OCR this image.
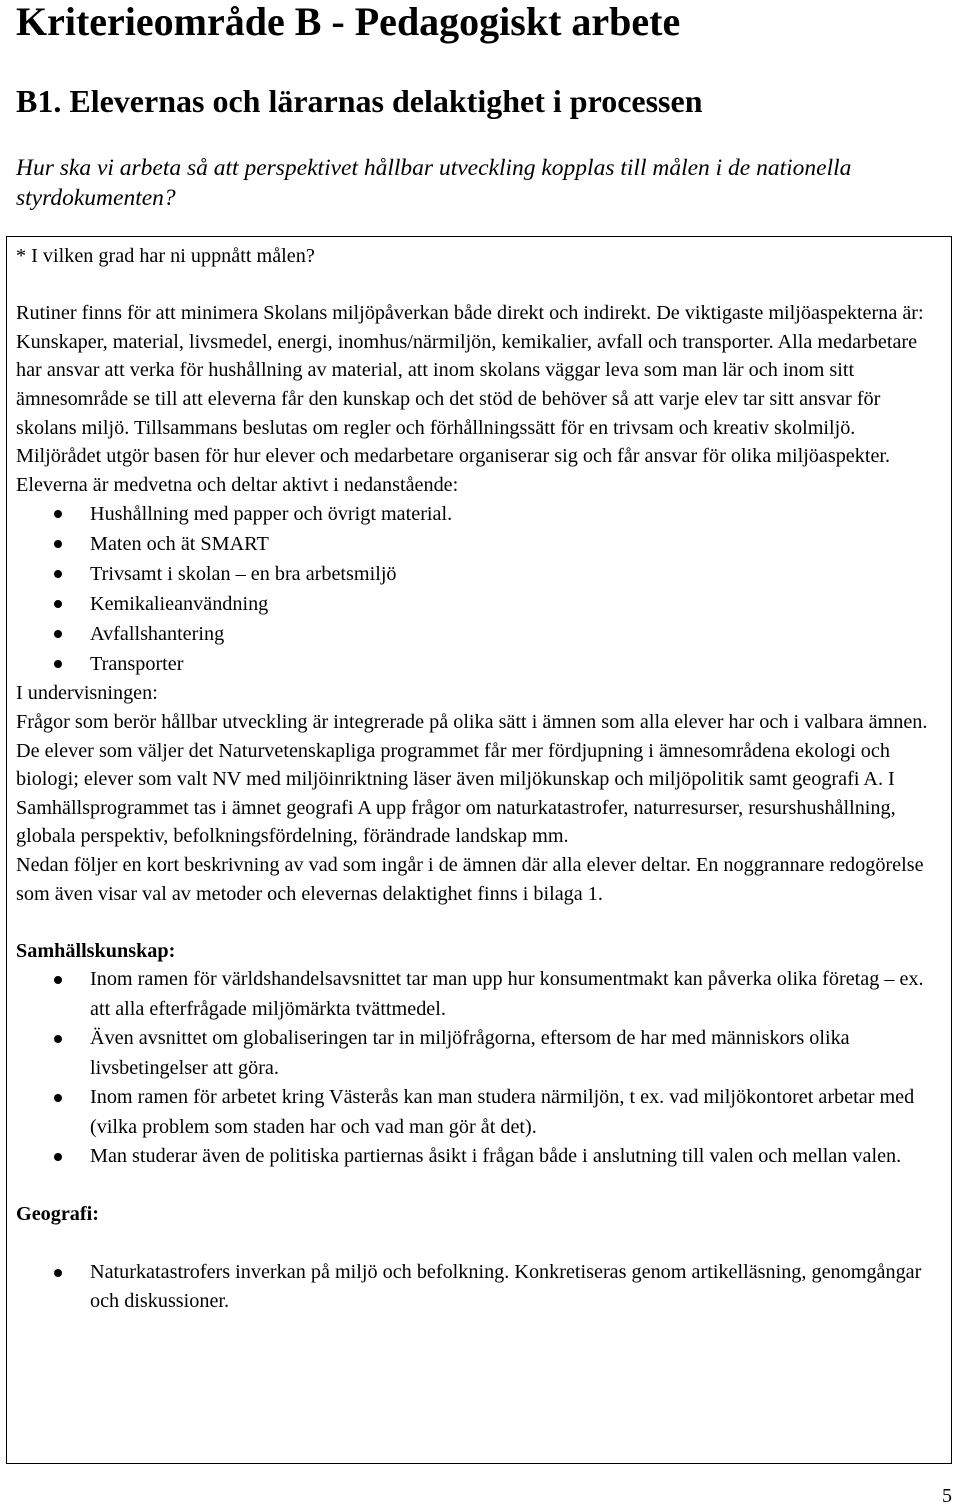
Kriterieområde B - Pedagogiskt arbete
B1. Elevernas och lärarnas delaktighet i processen

Hur ska vi arbeta så att perspektivet hållbar utveckling kopplas till målen i de nationella styrdokumenten?

* I vilken grad har ni uppnått målen?

Rutiner finns för att minimera Skolans miljöpåverkan både direkt och indirekt. De viktigaste miljöaspekterna är: Kunskaper, material, livsmedel, energi, inomhus/närmiljön, kemikalier, avfall och transporter. Alla medarbetare har ansvar att verka för hushållning av material, att inom skolans väggar leva som man lär och inom sitt ämnesområde se till att eleverna får den kunskap och det stöd de behöver så att varje elev tar sitt ansvar för skolans miljö. Tillsammans beslutas om regler och förhållningssätt för en trivsam och kreativ skolmiljö. Miljörådet utgör basen för hur elever och medarbetare organiserar sig och får ansvar för olika miljöaspekter. Eleverna är medvetna och deltar aktivt i nedanstående:

Hushållning med papper och övrigt material.
Maten och ät SMART
Trivsamt i skolan – en bra arbetsmiljö
Kemikalieanvändning
Avfallshantering
Transporter

I undervisningen:

Frågor som berör hållbar utveckling är integrerade på olika sätt i ämnen som alla elever har och i valbara ämnen. De elever som väljer det Naturvetenskapliga programmet får mer fördjupning i ämnesområdena ekologi och biologi; elever som valt NV med miljöinriktning läser även miljökunskap och miljöpolitik samt geografi A. I Samhällsprogrammet tas i ämnet geografi A upp frågor om naturkatastrofer, naturresurser, resurshushållning, globala perspektiv, befolkningsfördelning, förändrade landskap mm.

Nedan följer en kort beskrivning av vad som ingår i de ämnen där alla elever deltar. En noggrannare redogörelse som även visar val av metoder och elevernas delaktighet finns i bilaga 1.

Samhällskunskap:

Inom ramen för världshandelsavsnittet tar man upp hur konsumentmakt kan påverka olika företag – ex. att alla efterfrågade miljömärkta tvättmedel.
Även avsnittet om globaliseringen tar in miljöfrågorna, eftersom de har med människors olika livsbetingelser att göra.
Inom ramen för arbetet kring Västerås kan man studera närmiljön, t ex. vad miljökontoret arbetar med (vilka problem som staden har och vad man gör åt det).
Man studerar även de politiska partiernas åsikt i frågan både i anslutning till valen och mellan valen.

Geografi:

Naturkatastrofers inverkan på miljö och befolkning. Konkretiseras genom artikelläsning, genomgångar och diskussioner.
5
